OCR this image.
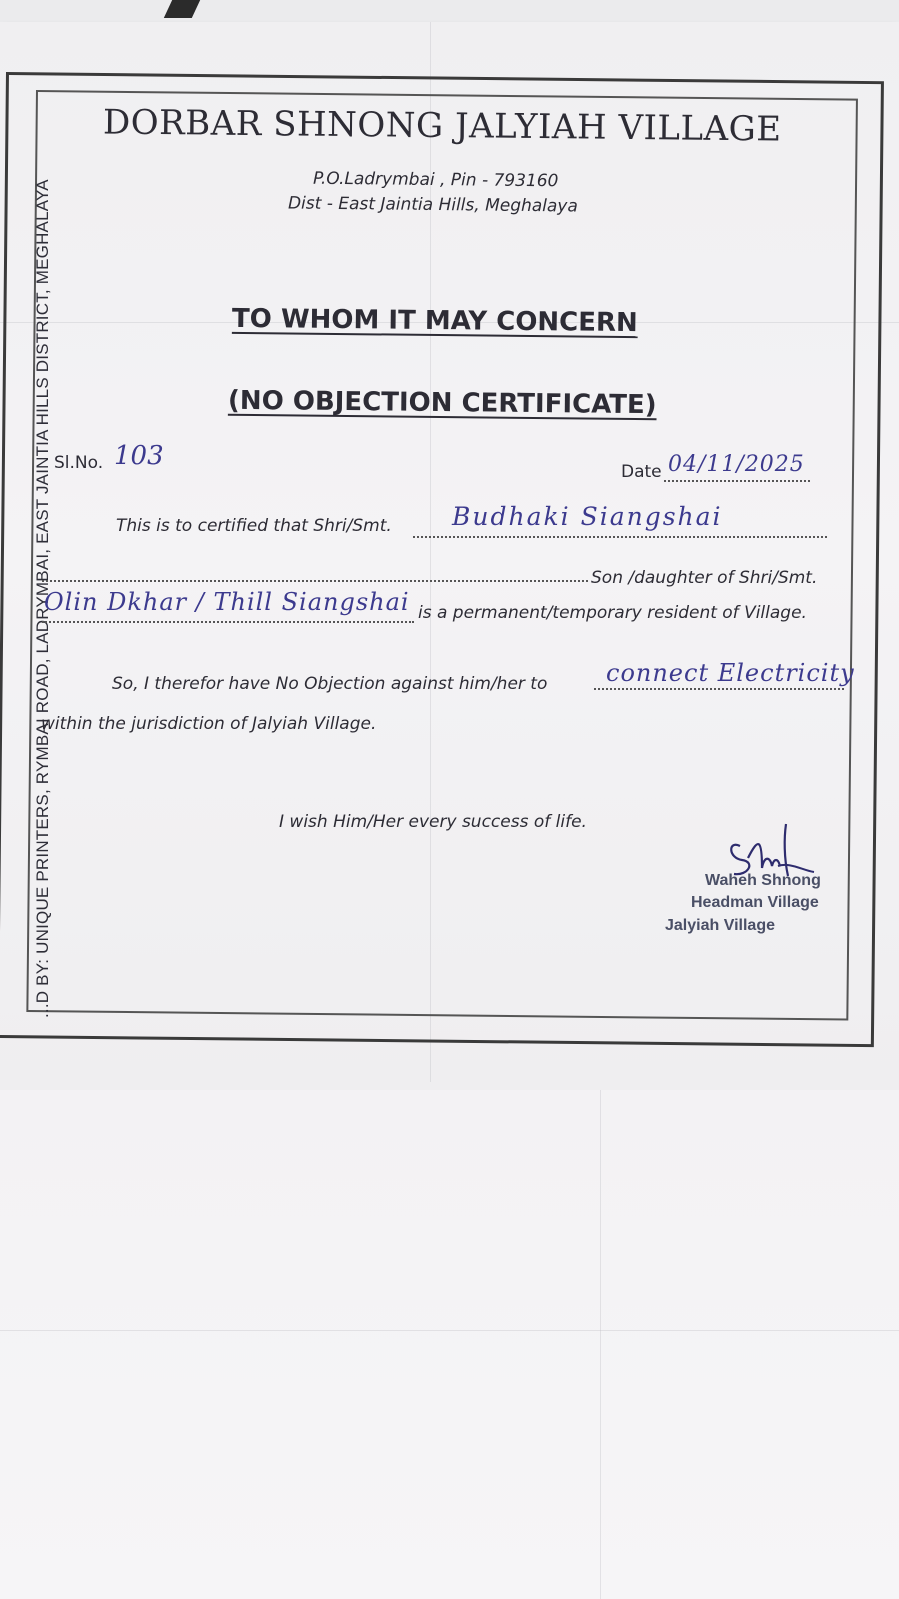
...D BY: UNIQUE PRINTERS, RYMBAI ROAD, LADRYMBAI, EAST JAINTIA HILLS DISTRICT, MEGHALAYA
DORBAR SHNONG JALYIAH VILLAGE
P.O.Ladrymbai , Pin - 793160
Dist - East Jaintia Hills, Meghalaya
TO WHOM IT MAY CONCERN
(NO OBJECTION CERTIFICATE)
Sl.No. 103
Date 04/11/2025
This is to certified that Shri/Smt. Budhaki Siangshai
Son /daughter of Shri/Smt.
Olin Dkhar / Thill Siangshai is a permanent/temporary resident of Village.
So, I therefor have No Objection against him/her to connect Electricity
within the jurisdiction of Jalyiah Village.
I wish Him/Her every success of life.
Waheh Shnong
Headman Village
Jalyiah Village
